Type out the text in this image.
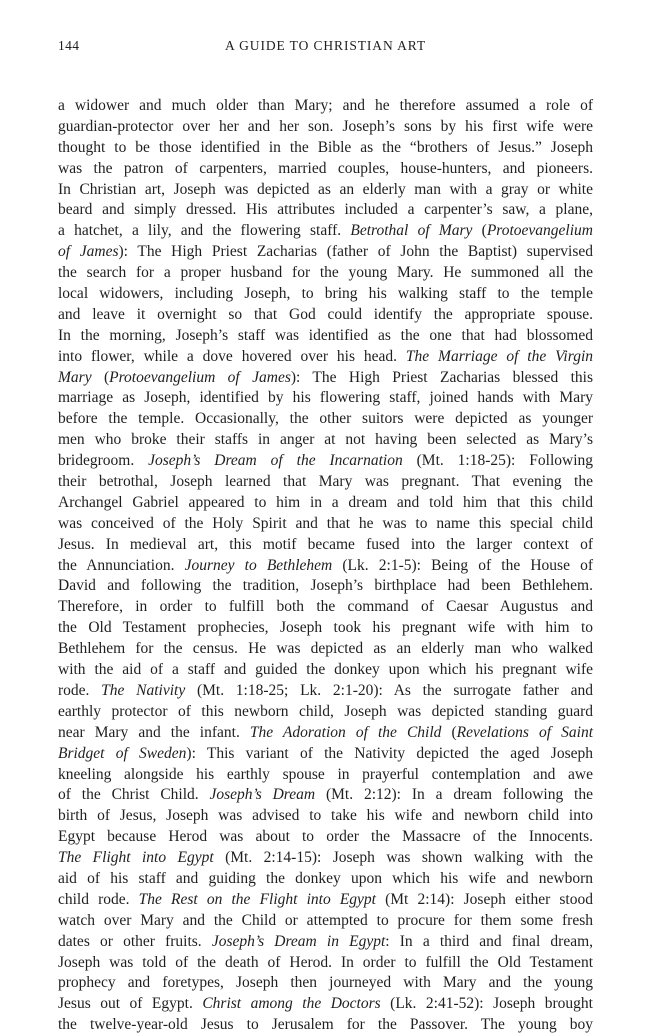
144	A GUIDE TO CHRISTIAN ART
a widower and much older than Mary; and he therefore assumed a role of
guardian-protector over her and her son. Joseph’s sons by his first wife were
thought to be those identified in the Bible as the “brothers of Jesus.” Joseph
was the patron of carpenters, married couples, house-hunters, and pioneers.
In Christian art, Joseph was depicted as an elderly man with a gray or white
beard and simply dressed. His attributes included a carpenter’s saw, a plane,
a hatchet, a lily, and the flowering staff. Betrothal of Mary (Protoevangelium
of James): The High Priest Zacharias (father of John the Baptist) supervised
the search for a proper husband for the young Mary. He summoned all the
local widowers, including Joseph, to bring his walking staff to the temple
and leave it overnight so that God could identify the appropriate spouse.
In the morning, Joseph’s staff was identified as the one that had blossomed
into flower, while a dove hovered over his head. The Marriage of the Virgin
Mary (Protoevangelium of James): The High Priest Zacharias blessed this
marriage as Joseph, identified by his flowering staff, joined hands with Mary
before the temple. Occasionally, the other suitors were depicted as younger
men who broke their staffs in anger at not having been selected as Mary’s
bridegroom. Joseph’s Dream of the Incarnation (Mt. 1:18-25): Following
their betrothal, Joseph learned that Mary was pregnant. That evening the
Archangel Gabriel appeared to him in a dream and told him that this child
was conceived of the Holy Spirit and that he was to name this special child
Jesus. In medieval art, this motif became fused into the larger context of
the Annunciation. Journey to Bethlehem (Lk. 2:1-5): Being of the House of
David and following the tradition, Joseph’s birthplace had been Bethlehem.
Therefore, in order to fulfill both the command of Caesar Augustus and
the Old Testament prophecies, Joseph took his pregnant wife with him to
Bethlehem for the census. He was depicted as an elderly man who walked
with the aid of a staff and guided the donkey upon which his pregnant wife
rode. The Nativity (Mt. 1:18-25; Lk. 2:1-20): As the surrogate father and
earthly protector of this newborn child, Joseph was depicted standing guard
near Mary and the infant. The Adoration of the Child (Revelations of Saint
Bridget of Sweden): This variant of the Nativity depicted the aged Joseph
kneeling alongside his earthly spouse in prayerful contemplation and awe
of the Christ Child. Joseph’s Dream (Mt. 2:12): In a dream following the
birth of Jesus, Joseph was advised to take his wife and newborn child into
Egypt because Herod was about to order the Massacre of the Innocents.
The Flight into Egypt (Mt. 2:14-15): Joseph was shown walking with the
aid of his staff and guiding the donkey upon which his wife and newborn
child rode. The Rest on the Flight into Egypt (Mt 2:14): Joseph either stood
watch over Mary and the Child or attempted to procure for them some fresh
dates or other fruits. Joseph’s Dream in Egypt: In a third and final dream,
Joseph was told of the death of Herod. In order to fulfill the Old Testament
prophecy and foretypes, Joseph then journeyed with Mary and the young
Jesus out of Egypt. Christ among the Doctors (Lk. 2:41-52): Joseph brought
the twelve-year-old Jesus to Jerusalem for the Passover. The young boy
